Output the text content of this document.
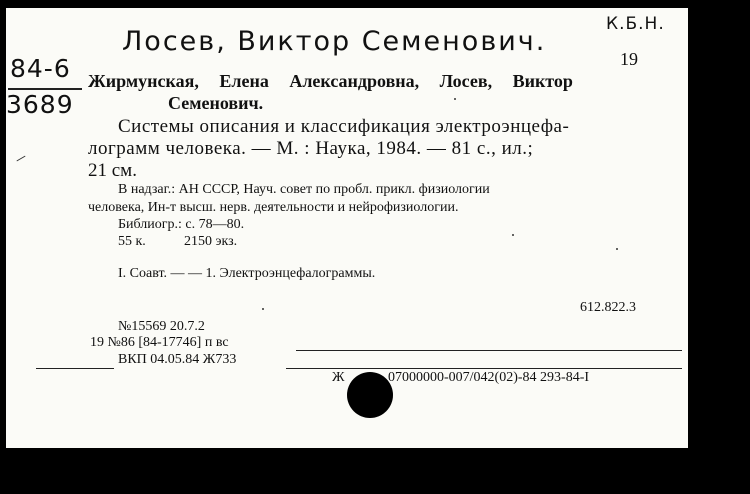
Лосев, Виктор Семенович.
К.Б.Н.
84-6
3689
19
Жирмунская, Елена Александровна, Лосев, Виктор
Семенович.
Системы описания и классификация электроэнцефа-
лограмм человека. — М. : Наука, 1984. — 81 с., ил.;
21 см.
В надзаг.: АН СССР, Науч. совет по пробл. прикл. физиологии
человека, Ин-т высш. нерв. деятельности и нейрофизиологии.
Библиогр.: с. 78—80.
55 к.	2150 экз.
I. Соавт. — — 1. Электроэнцефалограммы.
612.822.3
№15569 20.7.2
19 №86 [84-17746] п вс
ВКП 04.05.84 Ж733
Ж	07000000-007/042(02)-84 293-84-I
